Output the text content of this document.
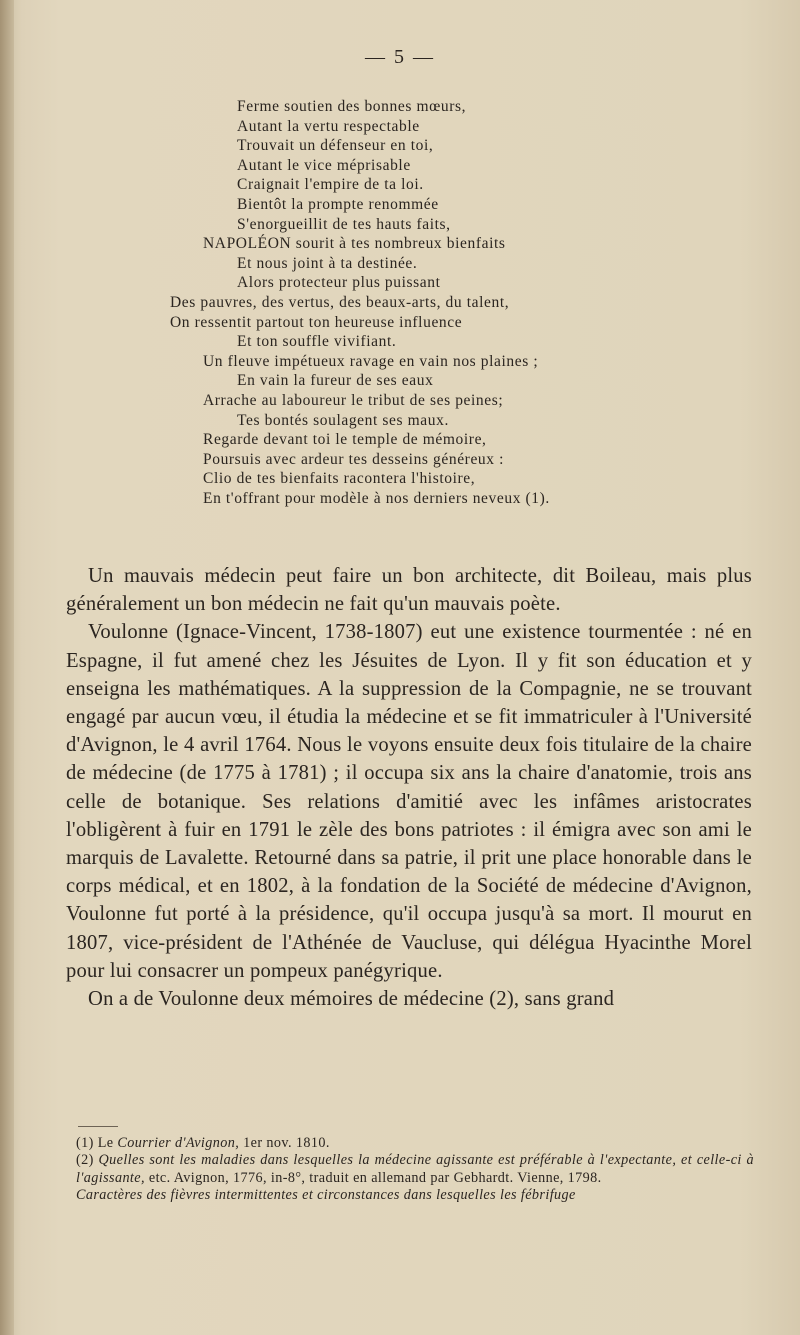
— 5 —
Ferme soutien des bonnes mœurs,
Autant la vertu respectable
Trouvait un défenseur en toi,
Autant le vice méprisable
Craignait l'empire de ta loi.
Bientôt la prompte renommée
S'enorgueillit de tes hauts faits,
NAPOLÉON sourit à tes nombreux bienfaits
Et nous joint à ta destinée.
Alors protecteur plus puissant
Des pauvres, des vertus, des beaux-arts, du talent,
On ressentit partout ton heureuse influence
Et ton souffle vivifiant.
Un fleuve impétueux ravage en vain nos plaines ;
En vain la fureur de ses eaux
Arrache au laboureur le tribut de ses peines;
Tes bontés soulagent ses maux.
Regarde devant toi le temple de mémoire,
Poursuis avec ardeur tes desseins généreux :
Clio de tes bienfaits racontera l'histoire,
En t'offrant pour modèle à nos derniers neveux (1).

Un mauvais médecin peut faire un bon architecte, dit Boileau, mais plus généralement un bon médecin ne fait qu'un mauvais poète.

Voulonne (Ignace-Vincent, 1738-1807) eut une existence tourmentée : né en Espagne, il fut amené chez les Jésuites de Lyon. Il y fit son éducation et y enseigna les mathématiques. A la suppression de la Compagnie, ne se trouvant engagé par aucun vœu, il étudia la médecine et se fit immatriculer à l'Université d'Avignon, le 4 avril 1764. Nous le voyons ensuite deux fois titulaire de la chaire de médecine (de 1775 à 1781) ; il occupa six ans la chaire d'anatomie, trois ans celle de botanique. Ses relations d'amitié avec les infâmes aristocrates l'obligèrent à fuir en 1791 le zèle des bons patriotes : il émigra avec son ami le marquis de Lavalette. Retourné dans sa patrie, il prit une place honorable dans le corps médical, et en 1802, à la fondation de la Société de médecine d'Avignon, Voulonne fut porté à la présidence, qu'il occupa jusqu'à sa mort. Il mourut en 1807, vice-président de l'Athénée de Vaucluse, qui délégua Hyacinthe Morel pour lui consacrer un pompeux panégyrique.

On a de Voulonne deux mémoires de médecine (2), sans grand

(1) Le Courrier d'Avignon, 1er nov. 1810.

(2) Quelles sont les maladies dans lesquelles la médecine agissante est préférable à l'expectante, et celle-ci à l'agissante, etc. Avignon, 1776, in-8°, traduit en allemand par Gebhardt. Vienne, 1798.

Caractères des fièvres intermittentes et circonstances dans lesquelles les fébrifuge
